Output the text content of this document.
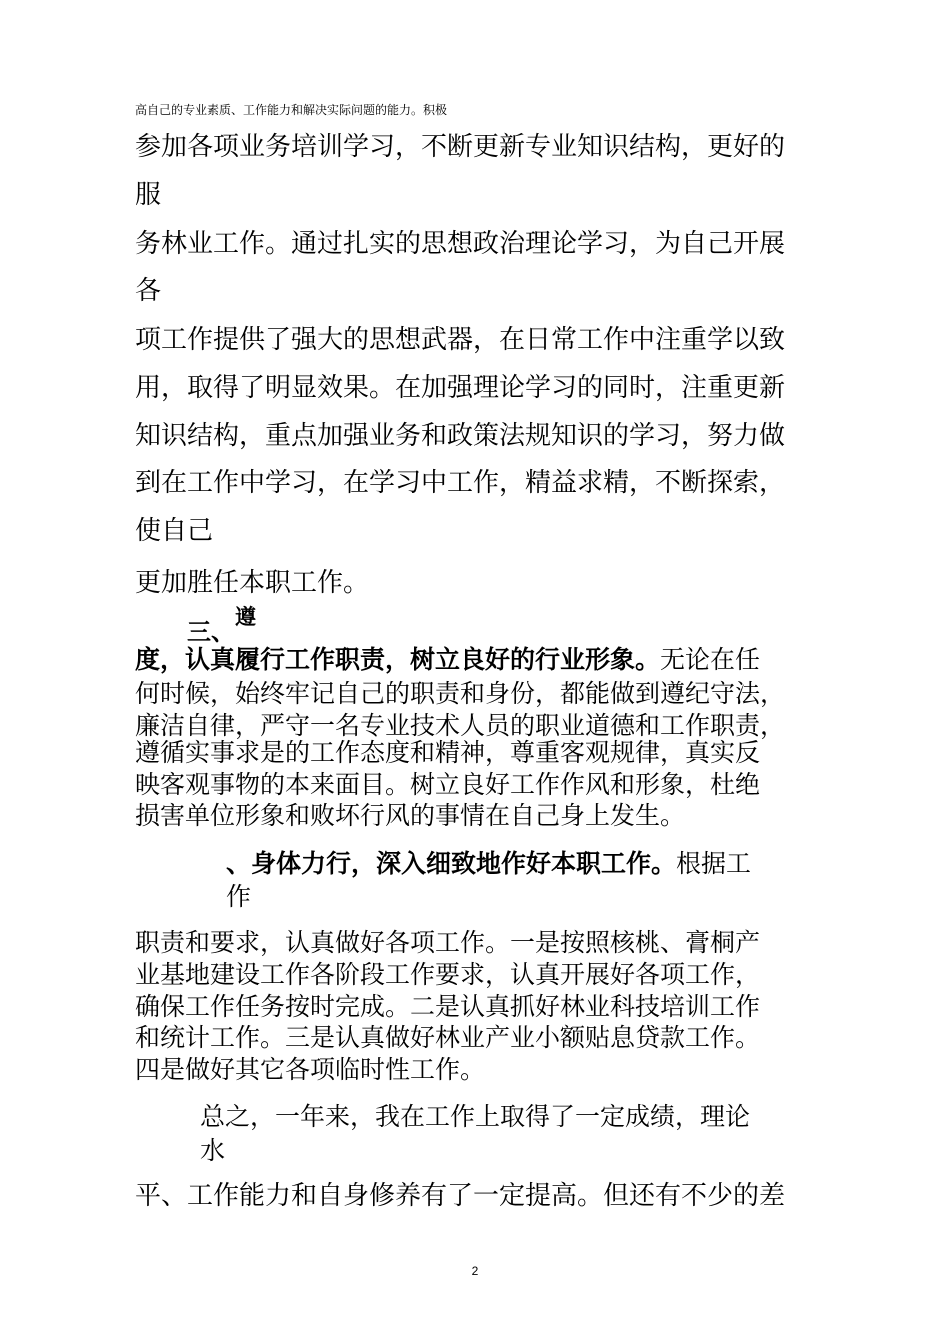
高自己的专业素质、工作能力和解决实际问题的能力。积极
参加各项业务培训学习，不断更新专业知识结构，更好的
服
务林业工作。通过扎实的思想政治理论学习，为自己开展
各
项工作提供了强大的思想武器，在日常工作中注重学以致
用，取得了明显效果。在加强理论学习的同时，注重更新
知识结构，重点加强业务和政策法规知识的学习，努力做
到在工作中学习，在学习中工作，精益求精，不断探索，
使自己
更加胜任本职工作。
三、遵
度，认真履行工作职责，树立良好的行业形象。无论在任
何时候，始终牢记自己的职责和身份，都能做到遵纪守法，
廉洁自律，严守一名专业技术人员的职业道德和工作职责，
遵循实事求是的工作态度和精神，尊重客观规律，真实反
映客观事物的本来面目。树立良好工作作风和形象，杜绝
损害单位形象和败坏行风的事情在自己身上发生。
、身体力行，深入细致地作好本职工作。根据工
作
职责和要求，认真做好各项工作。一是按照核桃、膏桐产
业基地建设工作各阶段工作要求，认真开展好各项工作，
确保工作任务按时完成。二是认真抓好林业科技培训工作
和统计工作。三是认真做好林业产业小额贴息贷款工作。
四是做好其它各项临时性工作。
总之，一年来，我在工作上取得了一定成绩，理论
水
平、工作能力和自身修养有了一定提高。但还有不少的差
2
